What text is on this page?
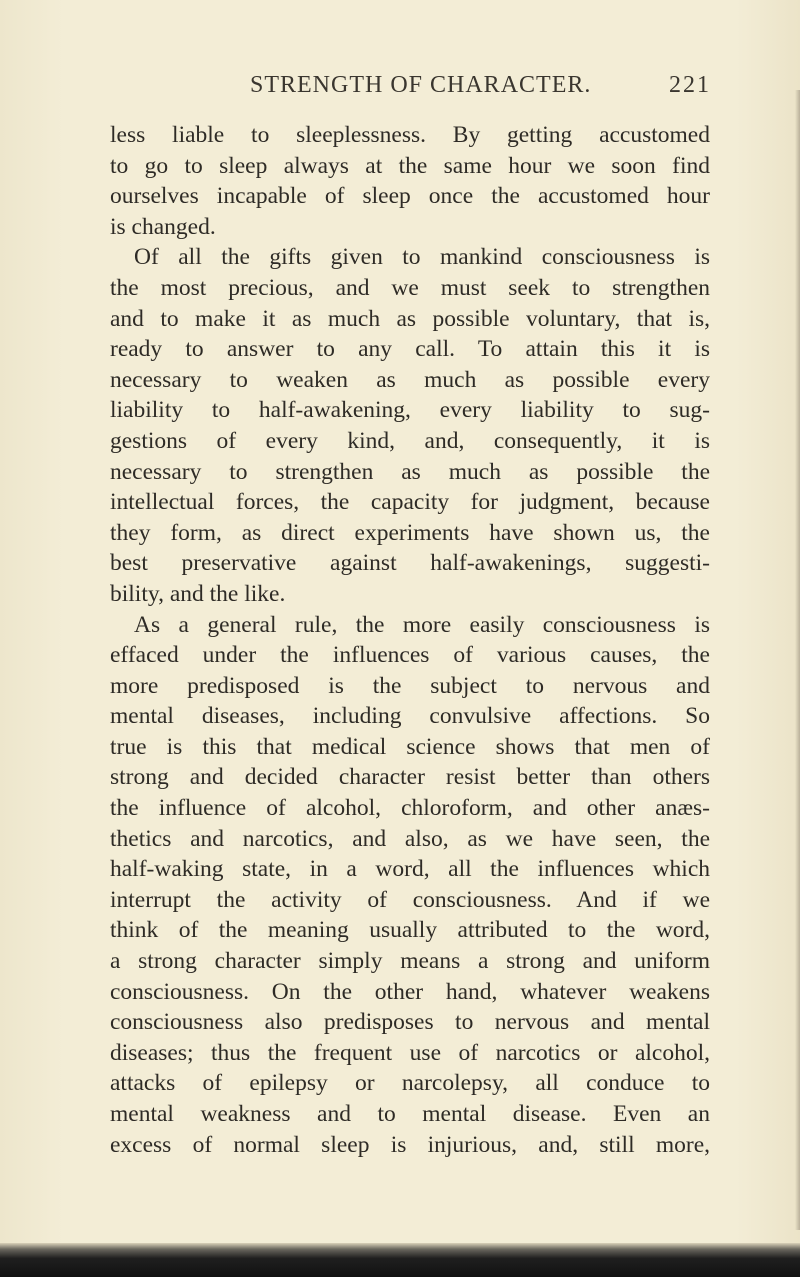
STRENGTH OF CHARACTER.	221
less liable to sleeplessness. By getting accustomed
to go to sleep always at the same hour we soon find
ourselves incapable of sleep once the accustomed hour
is changed.
Of all the gifts given to mankind consciousness is
the most precious, and we must seek to strengthen
and to make it as much as possible voluntary, that is,
ready to answer to any call. To attain this it is
necessary to weaken as much as possible every
liability to half-awakening, every liability to sug-
gestions of every kind, and, consequently, it is
necessary to strengthen as much as possible the
intellectual forces, the capacity for judgment, because
they form, as direct experiments have shown us, the
best preservative against half-awakenings, suggesti-
bility, and the like.
As a general rule, the more easily consciousness is
effaced under the influences of various causes, the
more predisposed is the subject to nervous and
mental diseases, including convulsive affections. So
true is this that medical science shows that men of
strong and decided character resist better than others
the influence of alcohol, chloroform, and other anæs-
thetics and narcotics, and also, as we have seen, the
half-waking state, in a word, all the influences which
interrupt the activity of consciousness. And if we
think of the meaning usually attributed to the word,
a strong character simply means a strong and uniform
consciousness. On the other hand, whatever weakens
consciousness also predisposes to nervous and mental
diseases; thus the frequent use of narcotics or alcohol,
attacks of epilepsy or narcolepsy, all conduce to
mental weakness and to mental disease. Even an
excess of normal sleep is injurious, and, still more,
